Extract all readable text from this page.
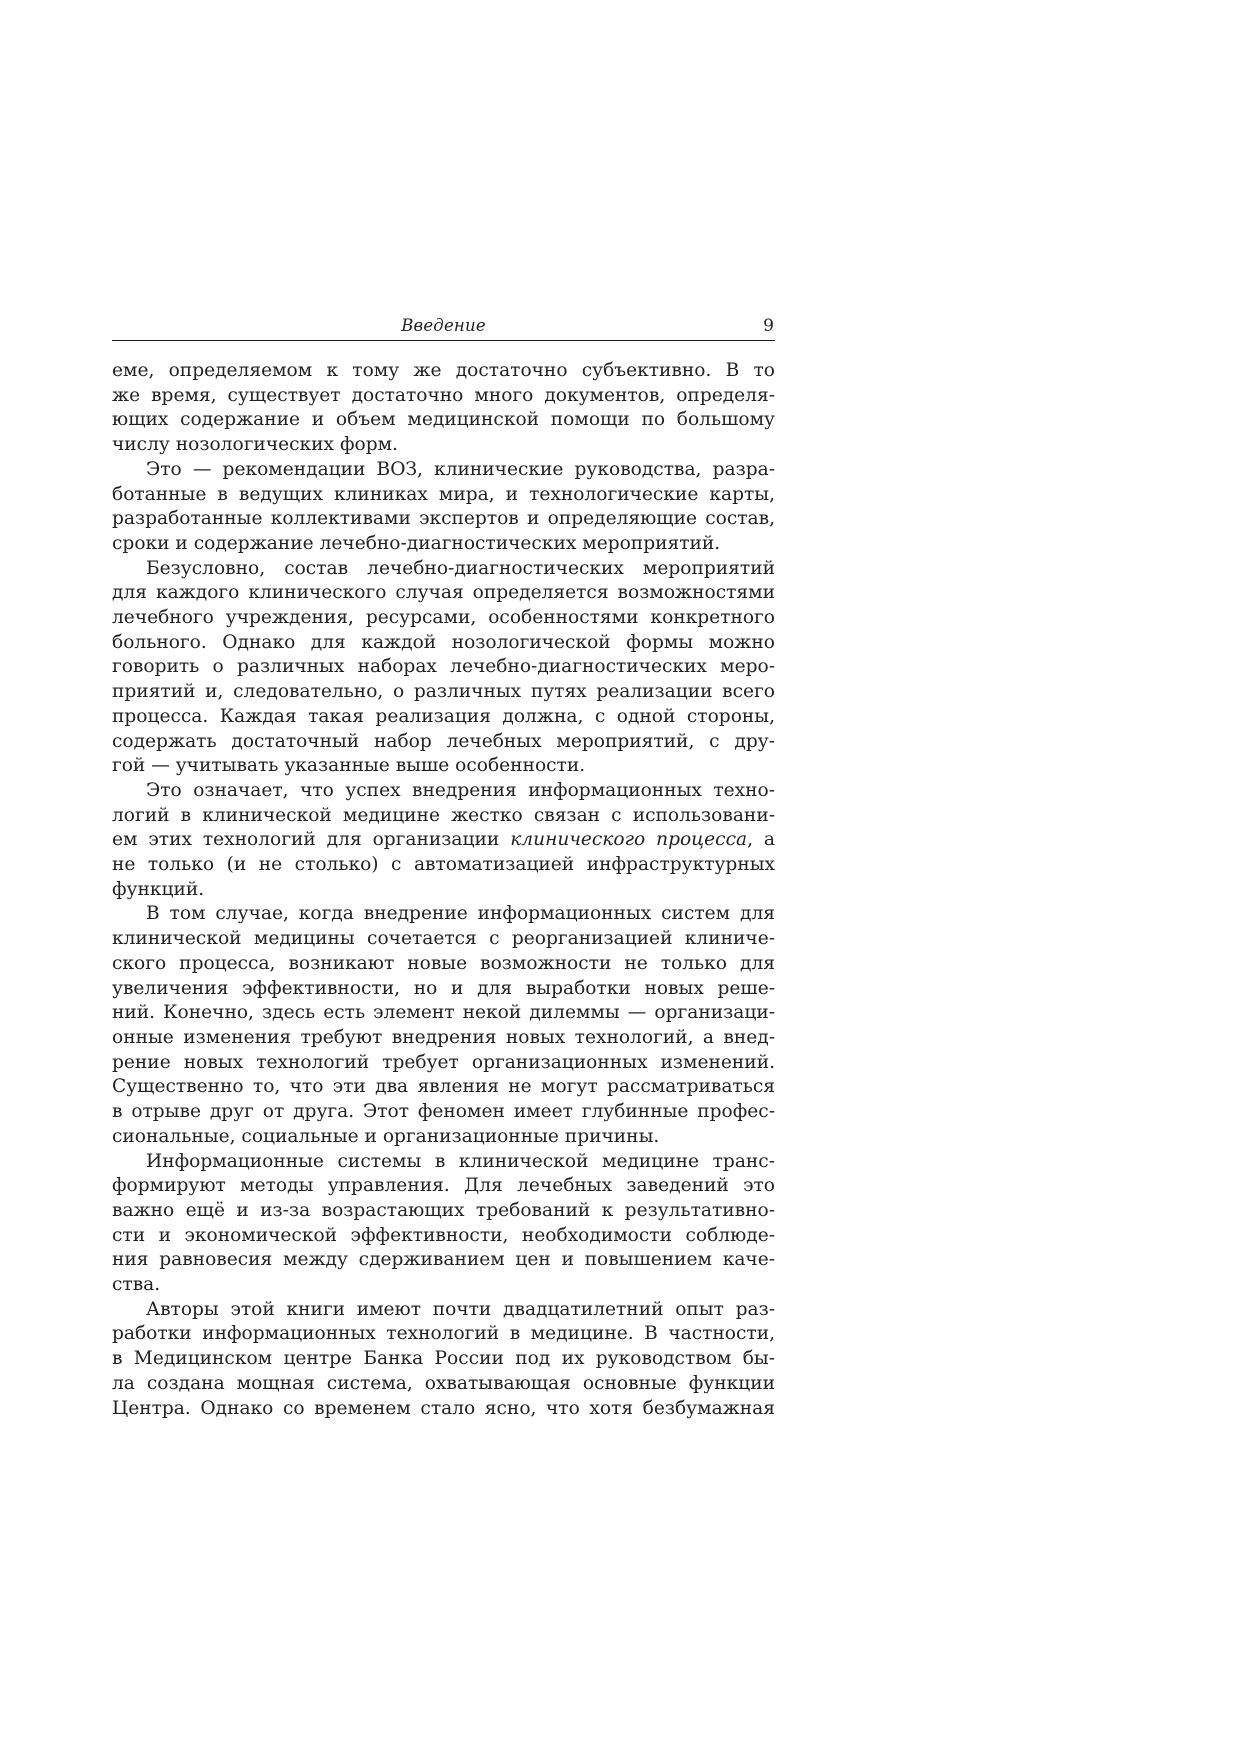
Введение	9

еме, определяемом к тому же достаточно субъективно. В то

же время, существует достаточно много документов, определя-

ющих содержание и объем медицинской помощи по большому

числу нозологических форм.

Это — рекомендации ВОЗ, клинические руководства, разра-

ботанные в ведущих клиниках мира, и технологические карты,

разработанные коллективами экспертов и определяющие состав,

сроки и содержание лечебно-диагностических мероприятий.

Безусловно, состав лечебно-диагностических мероприятий

для каждого клинического случая определяется возможностями

лечебного учреждения, ресурсами, особенностями конкретного

больного. Однако для каждой нозологической формы можно

говорить о различных наборах лечебно-диагностических меро-

приятий и, следовательно, о различных путях реализации всего

процесса. Каждая такая реализация должна, с одной стороны,

содержать достаточный набор лечебных мероприятий, с дру-

гой — учитывать указанные выше особенности.

Это означает, что успех внедрения информационных техно-

логий в клинической медицине жестко связан с использовани-

ем этих технологий для организации клинического процесса, а

не только (и не столько) с автоматизацией инфраструктурных

функций.

В том случае, когда внедрение информационных систем для

клинической медицины сочетается с реорганизацией клиниче-

ского процесса, возникают новые возможности не только для

увеличения эффективности, но и для выработки новых реше-

ний. Конечно, здесь есть элемент некой дилеммы — организаци-

онные изменения требуют внедрения новых технологий, а внед-

рение новых технологий требует организационных изменений.

Существенно то, что эти два явления не могут рассматриваться

в отрыве друг от друга. Этот феномен имеет глубинные профес-

сиональные, социальные и организационные причины.

Информационные системы в клинической медицине транс-

формируют методы управления. Для лечебных заведений это

важно ещё и из-за возрастающих требований к результативно-

сти и экономической эффективности, необходимости соблюде-

ния равновесия между сдерживанием цен и повышением каче-

ства.

Авторы этой книги имеют почти двадцатилетний опыт раз-

работки информационных технологий в медицине. В частности,

в Медицинском центре Банка России под их руководством бы-

ла создана мощная система, охватывающая основные функции

Центра. Однако со временем стало ясно, что хотя безбумажная
